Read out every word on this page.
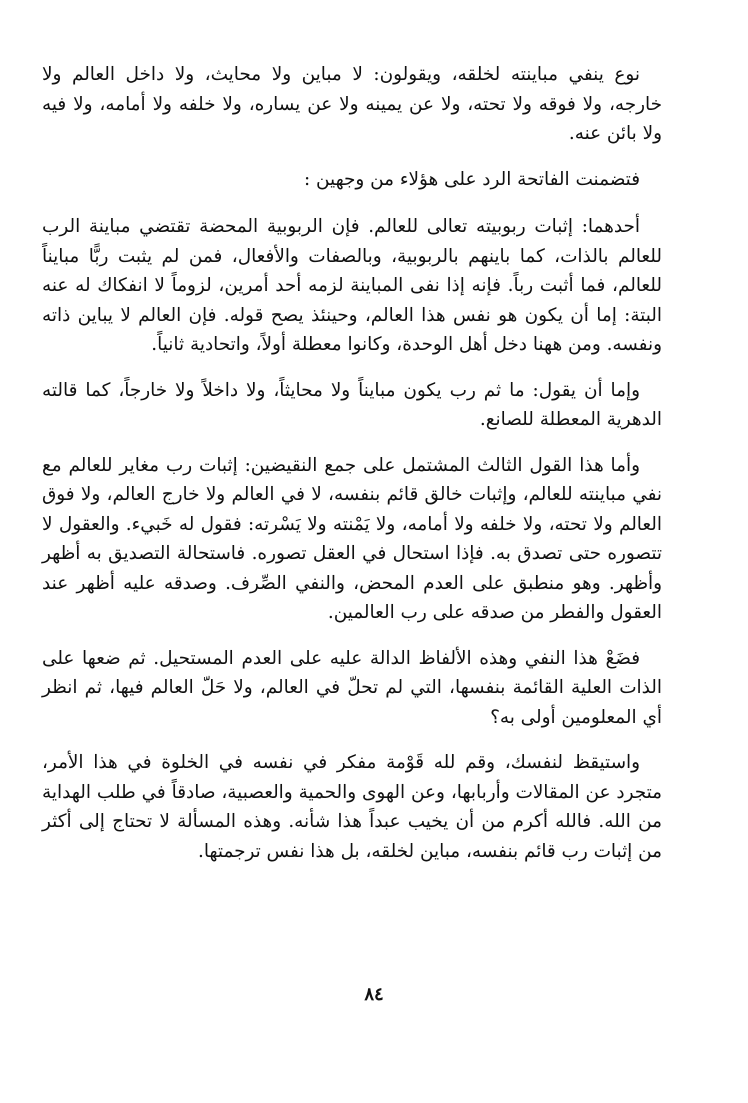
نوع ينفي مباينته لخلقه، ويقولون: لا مباين ولا محايث، ولا داخل العالم ولا خارجه، ولا فوقه ولا تحته، ولا عن يمينه ولا عن يساره، ولا خلفه ولا أمامه، ولا فيه ولا بائن عنه.

فتضمنت الفاتحة الرد على هؤلاء من وجهين :

أحدهما: إثبات ربوبيته تعالى للعالم. فإن الربوبية المحضة تقتضي مباينة الرب للعالم بالذات، كما باينهم بالربوبية، وبالصفات والأفعال، فمن لم يثبت ربًّا مبايناً للعالم، فما أثبت رباً. فإنه إذا نفى المباينة لزمه أحد أمرين، لزوماً لا انفكاك له عنه البتة: إما أن يكون هو نفس هذا العالم، وحينئذ يصح قوله. فإن العالم لا يباين ذاته ونفسه. ومن ههنا دخل أهل الوحدة، وكانوا معطلة أولاً، واتحادية ثانياً.

وإما أن يقول: ما ثم رب يكون مبايناً ولا محايثاً، ولا داخلاً ولا خارجاً، كما قالته الدهرية المعطلة للصانع.

وأما هذا القول الثالث المشتمل على جمع النقيضين: إثبات رب مغاير للعالم مع نفي مباينته للعالم، وإثبات خالق قائم بنفسه، لا في العالم ولا خارج العالم، ولا فوق العالم ولا تحته، ولا خلفه ولا أمامه، ولا يَمْنته ولا يَسْرته: فقول له خَبيء. والعقول لا تتصوره حتى تصدق به. فإذا استحال في العقل تصوره. فاستحالة التصديق به أظهر وأظهر. وهو منطبق على العدم المحض، والنفي الصِّرف. وصدقه عليه أظهر عند العقول والفطر من صدقه على رب العالمين.

فضَعْ هذا النفي وهذه الألفاظ الدالة عليه على العدم المستحيل. ثم ضعها على الذات العلية القائمة بنفسها، التي لم تحلّ في العالم، ولا حَلّ العالم فيها، ثم انظر أي المعلومين أولى به؟

واستيقظ لنفسك، وقم لله قَوْمة مفكر في نفسه في الخلوة في هذا الأمر، متجرد عن المقالات وأربابها، وعن الهوى والحمية والعصبية، صادقاً في طلب الهداية من الله. فالله أكرم من أن يخيب عبداً هذا شأنه. وهذه المسألة لا تحتاج إلى أكثر من إثبات رب قائم بنفسه، مباين لخلقه، بل هذا نفس ترجمتها.

٨٤
